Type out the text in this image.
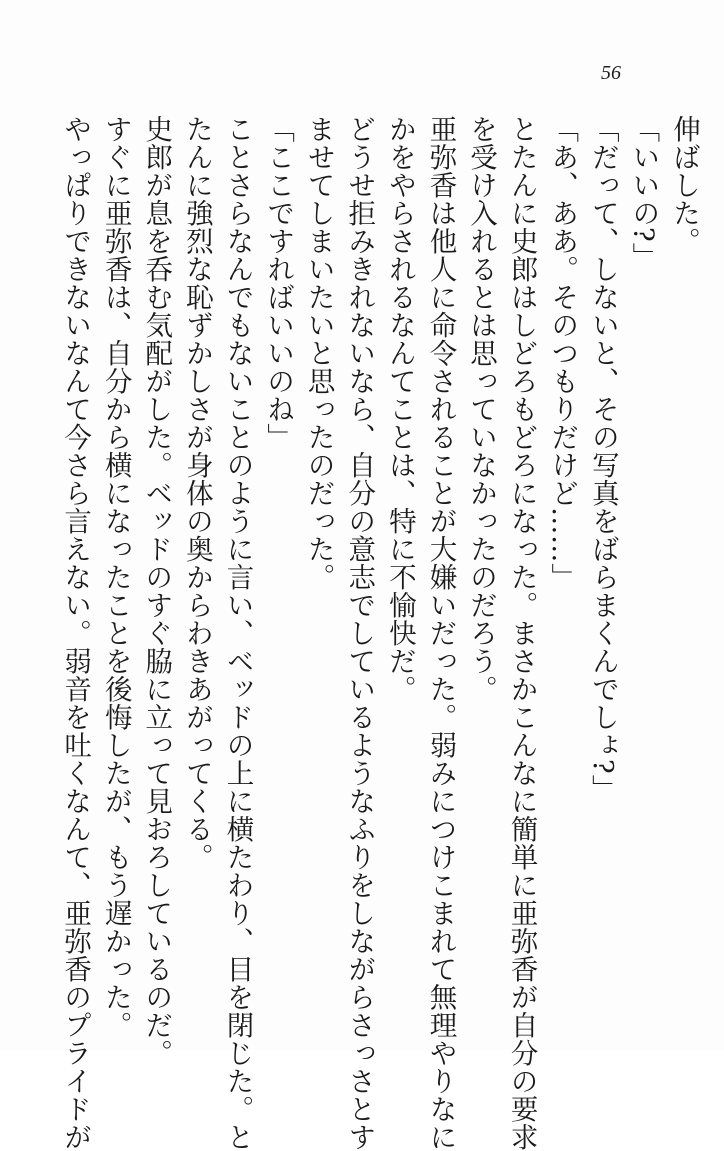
56
伸ばした。
「いいの?」
「だって、しないと、その写真をばらまくんでしょ?」
「あ、ああ。そのつもりだけど……」
とたんに史郎はしどろもどろになった。まさかこんなに簡単に亜弥香が自分の要求
を受け入れるとは思っていなかったのだろう。
亜弥香は他人に命令されることが大嫌いだった。弱みにつけこまれて無理やりなに
かをやらされるなんてことは、特に不愉快だ。
どうせ拒みきれないなら、自分の意志でしているようなふりをしながらさっさとす
ませてしまいたいと思ったのだった。
「ここですればいいのね」
ことさらなんでもないことのように言い、ベッドの上に横たわり、目を閉じた。と
たんに強烈な恥ずかしさが身体の奥からわきあがってくる。
史郎が息を呑む気配がした。ベッドのすぐ脇に立って見おろしているのだ。
すぐに亜弥香は、自分から横になったことを後悔したが、もう遅かった。
やっぱりできないなんて今さら言えない。弱音を吐くなんて、亜弥香のプライドが
